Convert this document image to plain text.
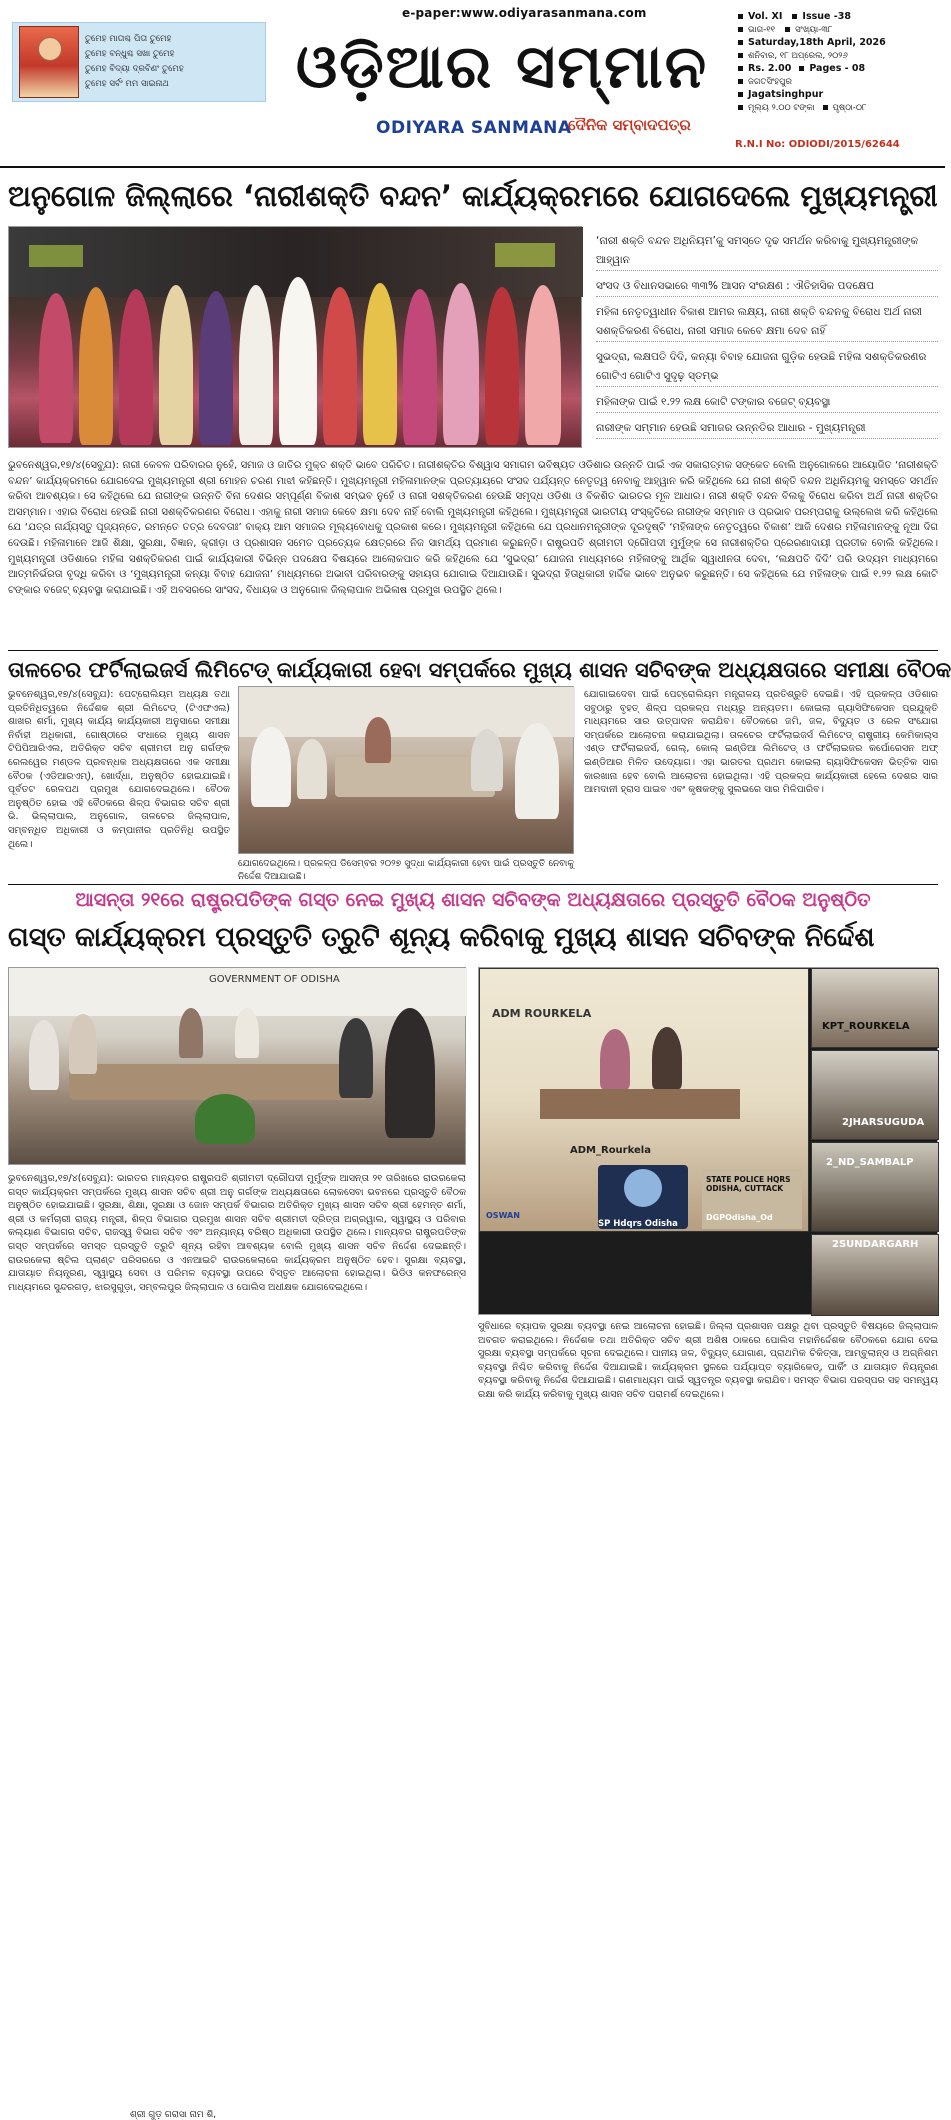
ତୁମେହ ମାତାଶ୍ଚ ପିତା ତୁମେହ
ତୁମେହ ବନ୍ଧୁଶ୍ଚ ସଖା ତୁମେହ
ତୁମେହ ବିଦ୍ୟା ଦ୍ରବିଣଂ ତୁମେହ
ତୁମେହ ସର୍ବଂ ମମ ସାଇନାଥ
e-paper:www.odiyarasanmana.com
ଓଡ଼ିଆର ସମ୍ମାନ
ODIYARA SANMANA
ଦୈନିକ ସମ୍ବାଦପତ୍ର
Vol. XI Issue -38
ଭାଗ-୧୧ ସଂଖ୍ୟା-୩୮
Saturday,18th April, 2026
ଶନିବାର, ୧୮ ଅପ୍ରେଲ, ୨୦୨୬
Rs. 2.00 Pages - 08
ଜଗତସିଂହପୁର
Jagatsinghpur
ମୂଲ୍ୟ ୨.୦୦ ଟଙ୍କା ପୃଷ୍ଠା-୦୮
R.N.I No: ODIODI/2015/62644
ଅନୁଗୋଳ ଜିଲ୍ଲାରେ ‘ନାରୀଶକ୍ତି ବନ୍ଦନ’ କାର୍ଯ୍ୟକ୍ରମରେ ଯୋଗଦେଲେ ମୁଖ୍ୟମନ୍ତ୍ରୀ

‘ନାରୀ ଶକ୍ତି ବନ୍ଦନ ଅଧିନିୟମ’କୁ ସମସ୍ତେ ଦୃଢ ସମର୍ଥନ କରିବାକୁ ମୁଖ୍ୟମନ୍ତ୍ରୀଙ୍କ ଆହ୍ୱାନ

ସଂସଦ ଓ ବିଧାନସଭାରେ ୩୩% ଆସନ ସଂରକ୍ଷଣ : ଐତିହାସିକ ପଦକ୍ଷେପ

ମହିଳା ନେତୃତ୍ୱାଧୀନ ବିକାଶ ଆମର ଲକ୍ଷ୍ୟ, ନାରୀ ଶକ୍ତି ବନ୍ଦନକୁ ବିରୋଧ ଅର୍ଥ ନାରୀ ସଶକ୍ତିକରଣ ବିରୋଧ, ନାରୀ ସମାଜ କେବେ କ୍ଷମା ଦେବ ନାହିଁ

ସୁଭଦ୍ରା, ଲକ୍ଷପତି ଦିଦି, କନ୍ୟା ବିବାହ ଯୋଜନା ଗୁଡ଼ିକ ହେଉଛି ମହିଳା ସଶକ୍ତିକରଣର ଗୋଟିଏ ଗୋଟିଏ ସୁଦୃଢ଼ ସ୍ତମ୍ଭ

ମହିଳାଙ୍କ ପାଇଁ ୧.୨୨ ଲକ୍ଷ କୋଟି ଟଙ୍କାର ବଜେଟ୍ ବ୍ୟବସ୍ଥା

ନାରୀଙ୍କ ସମ୍ମାନ ହେଉଛି ସମାଜର ଉନ୍ନତିର ଆଧାର - ମୁଖ୍ୟମନ୍ତ୍ରୀ

ଭୁବନେଶ୍ୱର,୧୭/୪(ସେବ୍ଯୁ): ନାରୀ କେବଳ ପରିବାରର ନୁହେଁ, ସମାଜ ଓ ଜାତିର ମୁକ୍ତ ଶକ୍ତି ଭାବେ ପରିଚିତ। ନାରୀଶକ୍ତିର ବିଶ୍ୱାସ ସମାଗମ ଭବିଷ୍ୟତ ଓଡିଶାର ଉନ୍ନତି ପାଇଁ ଏକ ସକାରାତ୍ମକ ସଙ୍କେତ ବୋଲି ଅନୁଗୋଳରେ ଆୟୋଜିତ ‘ନାରୀଶକ୍ତି ବନ୍ଦନ’ କାର୍ଯ୍ୟକ୍ରମରେ ଯୋଗଦେଇ ମୁଖ୍ୟମନ୍ତ୍ରୀ ଶ୍ରୀ ମୋହନ ଚରଣ ମାଝୀ କହିଛନ୍ତି। ମୁଖ୍ୟମନ୍ତ୍ରୀ ମହିଳାମାନଙ୍କ ପ୍ରତ୍ୟାୟରେ ସଂସଦ ପର୍ଯ୍ୟନ୍ତ ନେତୃତ୍ୱ ନେବାକୁ ଆହ୍ୱାନ କରି କହିଥିଲେ ଯେ ନାରୀ ଶକ୍ତି ବନ୍ଦନ ଅଧିନିୟମକୁ ସମସ୍ତେ ସମର୍ଥନ କରିବା ଆବଶ୍ୟକ। ସେ କହିଥିଲେ ଯେ ନାରୀଙ୍କ ଉନ୍ନତି ବିନା ଦେଶର ସମ୍ପୂର୍ଣ୍ଣ ବିକାଶ ସମ୍ଭବ ନୁହେଁ ଓ ନାରୀ ସଶକ୍ତିକରଣ ହେଉଛି ସମୃଦ୍ଧ ଓଡିଶା ଓ ବିକଶିତ ଭାରତର ମୂଳ ଆଧାର। ନାରୀ ଶକ୍ତି ବନ୍ଦନ ବିଲକୁ ବିରୋଧ କରିବା ଅର୍ଥ ନାରୀ ଶକ୍ତିର ଅସମ୍ମାନ। ଏହାର ବିରୋଧ ହେଉଛି ନାରୀ ସଶକ୍ତିକରଣର ବିରୋଧ। ଏହାକୁ ନାରୀ ସମାଜ କେବେ କ୍ଷମା ଦେବ ନାହିଁ ବୋଲି ମୁଖ୍ୟମନ୍ତ୍ରୀ କହିଥିଲେ। ମୁଖ୍ୟମନ୍ତ୍ରୀ ଭାରତୀୟ ସଂସ୍କୃତିରେ ନାରୀଙ୍କ ସମ୍ମାନ ଓ ପ୍ରଭାବ ପରମ୍ପରାକୁ ଉଲ୍ଲେଖ କରି କହିଥିଲେ ଯେ ‘ଯତ୍ର ନାର୍ଯ୍ୟସ୍ତୁ ପୂଜ୍ୟନ୍ତେ, ରମନ୍ତେ ତତ୍ର ଦେବତାଃ’ ବାକ୍ୟ ଆମ ସମାଜର ମୂଲ୍ୟବୋଧକୁ ପ୍ରକାଶ କରେ। ମୁଖ୍ୟମନ୍ତ୍ରୀ କହିଥିଲେ ଯେ ପ୍ରଧାନମନ୍ତ୍ରୀଙ୍କ ଦୂରଦୃଷ୍ଟି ‘ମହିଳାଙ୍କ ନେତୃତ୍ୱରେ ବିକାଶ’ ଆଜି ଦେଶର ମହିଳାମାନଙ୍କୁ ନୂଆ ଦିଗ ଦେଉଛି। ମହିଳାମାନେ ଆଜି ଶିକ୍ଷା, ସୁରକ୍ଷା, ବିଜ୍ଞାନ, କ୍ରୀଡ଼ା ଓ ପ୍ରଶାସନ ସମେତ ପ୍ରତ୍ୟେକ କ୍ଷେତ୍ରରେ ନିଜ ସାମର୍ଥ୍ୟ ପ୍ରମାଣ କରୁଛନ୍ତି। ରାଷ୍ଟ୍ରପତି ଶ୍ରୀମତୀ ଦ୍ରୌପଦୀ ମୁର୍ମୁଙ୍କ ସେ ନାରୀଶକ୍ତିର ପ୍ରେରଣାଦାୟୀ ପ୍ରତୀକ ବୋଲି କହିଥିଲେ। ମୁଖ୍ୟମନ୍ତ୍ରୀ ଓଡିଶାରେ ମହିଳା ସଶକ୍ତିକରଣ ପାଇଁ କାର୍ଯ୍ୟକାରୀ ବିଭିନ୍ନ ପଦକ୍ଷେପ ବିଷୟରେ ଆଲୋକପାତ କରି କହିଥିଲେ ଯେ ‘ସୁଭଦ୍ରା’ ଯୋଜନା ମାଧ୍ୟମରେ ମହିଳାଙ୍କୁ ଆର୍ଥିକ ସ୍ୱାଧୀନତା ଦେବା, ‘ଲକ୍ଷପତି ଦିଦି’ ପରି ଉଦ୍ୟମ ମାଧ୍ୟମରେ ଆତ୍ମନିର୍ଭରତା ବୃଦ୍ଧି କରିବା ଓ ‘ମୁଖ୍ୟମନ୍ତ୍ରୀ କନ୍ୟା ବିବାହ ଯୋଜନା’ ମାଧ୍ୟମରେ ଅଭାବୀ ପରିବାରଙ୍କୁ ସହାୟତା ଯୋଗାଇ ଦିଆଯାଉଛି। ସୁଭଦ୍ରା ହିତାଧିକାରୀ ହାର୍ଦ୍ଦିକ ଭାବେ ଅନୁଭବ କରୁଛନ୍ତି। ସେ କହିଥିଲେ ଯେ ମହିଳାଙ୍କ ପାଇଁ ୧.୨୨ ଲକ୍ଷ କୋଟି ଟଙ୍କାର ବଜେଟ୍ ବ୍ୟବସ୍ଥା କରାଯାଇଛି। ଏହି ଅବସରରେ ସାଂସଦ, ବିଧାୟକ ଓ ଅନୁଗୋଳ ଜିଲ୍ଲାପାଳ ଅଭିଳାଷ ପ୍ରମୁଖ ଉପସ୍ଥିତ ଥିଲେ।
ତାଳଚେର ଫର୍ଟିଲାଇଜର୍ସ ଲିମିଟେଡ୍ କାର୍ଯ୍ୟକାରୀ ହେବା ସମ୍ପର୍କରେ ମୁଖ୍ୟ ଶାସନ ସଚିବଙ୍କ ଅଧ୍ୟକ୍ଷତାରେ ସମୀକ୍ଷା ବୈଠକ
ଭୁବନେଶ୍ୱର,୧୭/୪(ସେବ୍ଯୁ): ପେଟ୍ରୋଲିୟମ ଅଧ୍ୟକ୍ଷ ତଥା ପ୍ରତିନିଧିତ୍ୱରେ ନିର୍ଦ୍ଦେଶକ ଶ୍ରୀ ଲିମିଟେଡ୍ (ଟିଏଫଏଲ) ଶାଖର ଶର୍ମା, ମୁଖ୍ୟ କାର୍ଯ୍ୟ କାର୍ଯ୍ୟକାରୀ ଅନୁସାରେ ସମୀକ୍ଷା ନିର୍ବାହୀ ଅଧିକାରୀ, ଗୋଷ୍ଠୀରେ ସଂଧାରେ ମୁଖ୍ୟ ଶାସନ ଟିପିପିଆରିଏଲ, ଅତିରିକ୍ତ ସଚିବ ଶ୍ରୀମତୀ ଅନୁ ଗର୍ଗଙ୍କ ରେଲୱେର ମଣ୍ଡଳ ପ୍ରବନ୍ଧକ ଅଧ୍ୟକ୍ଷତାରେ ଏକ ସମୀକ୍ଷା ବୈଠକ (ଏଡିଆରଏମ୍), ଖୋର୍ଦ୍ଧା, ଅନୁଷ୍ଠିତ ହୋଇଯାଇଛି। ପୂର୍ବତଟ ରେଳପଥ ପ୍ରମୁଖ ଯୋଗଦେଇଥିଲେ। ବୈଠକ ଅନୁଷ୍ଠିତ ହୋଇ ଏହି ବୈଠକରେ ଶିଳ୍ପ ବିଭାଗର ସଚିବ ଶ୍ରୀ ଭି. ଭିଲ୍ଲାପାଲ, ଅନୁଗୋଳ, ତାଳଚେର ଜିଲ୍ଲାପାଳ, ସମ୍ବନ୍ଧିତ ଅଧିକାରୀ ଓ କମ୍ପାନୀର ପ୍ରତିନିଧି ଉପସ୍ଥିତ ଥିଲେ।
ଯୋଗଦେଇଥିଲେ। ପ୍ରକଳ୍ପ ଡିସେମ୍ବର ୨୦୨୭ ସୁଦ୍ଧା କାର୍ଯ୍ୟକାରୀ ହେବା ପାଇଁ ପ୍ରସ୍ତୁତି ନେବାକୁ ନିର୍ଦ୍ଦେଶ ଦିଆଯାଇଛି।
ଯୋଗାଇଦେବା ପାଇଁ ପେଟ୍ରୋଲିୟମ ମନ୍ତ୍ରାଳୟ ପ୍ରତିଶ୍ରୁତି ଦେଇଛି। ଏହି ପ୍ରକଳ୍ପ ଓଡିଶାର ସବୁଠାରୁ ବୃହତ୍ ଶିଳ୍ପ ପ୍ରକଳ୍ପ ମଧ୍ୟରୁ ଅନ୍ୟତମ। କୋଇଲା ଗ୍ୟାସିଫିକେସନ ପ୍ରଯୁକ୍ତି ମାଧ୍ୟମରେ ସାର ଉତ୍ପାଦନ କରାଯିବ। ବୈଠକରେ ଜମି, ଜଳ, ବିଦ୍ୟୁତ ଓ ରେଳ ସଂଯୋଗ ସମ୍ପର୍କରେ ଆଲୋଚନା କରାଯାଇଥିଲା। ତାଳଚେର ଫର୍ଟିଲାଇଜର୍ସ ଲିମିଟେଡ୍ ରାଷ୍ଟ୍ରୀୟ କେମିକାଲ୍ସ ଏଣ୍ଡ ଫର୍ଟିଲାଇଜର୍ସ, ଗେଲ୍, କୋଲ୍ ଇଣ୍ଡିଆ ଲିମିଟେଡ୍ ଓ ଫର୍ଟିଲାଇଜର କର୍ପୋରେସନ ଅଫ୍ ଇଣ୍ଡିଆର ମିଳିତ ଉଦ୍ୟୋଗ। ଏହା ଭାରତର ପ୍ରଥମ କୋଇଲା ଗ୍ୟାସିଫିକେସନ ଭିତ୍ତିକ ସାର କାରଖାନା ହେବ ବୋଲି ଆଲୋଚନା ହୋଇଥିଲା। ଏହି ପ୍ରକଳ୍ପ କାର୍ଯ୍ୟକାରୀ ହେଲେ ଦେଶର ସାର ଆମଦାନୀ ହ୍ରାସ ପାଇବ ଏବଂ କୃଷକଙ୍କୁ ସୁଲଭରେ ସାର ମିଳିପାରିବ।
ଆସନ୍ତା ୨୧ରେ ରାଷ୍ଟ୍ରପତିଙ୍କ ଗସ୍ତ ନେଇ ମୁଖ୍ୟ ଶାସନ ସଚିବଙ୍କ ଅଧ୍ୟକ୍ଷତାରେ ପ୍ରସ୍ତୁତି ବୈଠକ ଅନୁଷ୍ଠିତ
ଗସ୍ତ କାର୍ଯ୍ୟକ୍ରମ ପ୍ରସ୍ତୁତି ତ୍ରୁଟି ଶୂନ୍ୟ କରିବାକୁ ମୁଖ୍ୟ ଶାସନ ସଚିବଙ୍କ ନିର୍ଦ୍ଦେଶ
GOVERNMENT OF ODISHA
ଶ୍ରୀ ଗୁଡ଼ ଗରାସା ନାମ ଶି,
ADM ROURKELA
ADM_Rourkela
OSWAN
SP Hdqrs Odisha
STATE POLICE HQRS ODISHA, CUTTACK
DGPOdisha_Od
KPT_ROURKELA
2JHARSUGUDA
2_ND_SAMBALP
2SUNDARGARH
ଭୁବନେଶ୍ୱର,୧୭/୪(ସେବ୍ଯୁ): ଭାରତର ମାନ୍ୟବର ରାଷ୍ଟ୍ରପତି ଶ୍ରୀମତୀ ଦ୍ରୌପଦୀ ମୁର୍ମୁଙ୍କ ଆସନ୍ତା ୨୧ ତାରିଖରେ ରାଉରକେଲା ଗସ୍ତ କାର୍ଯ୍ୟକ୍ରମ ସମ୍ପର୍କରେ ମୁଖ୍ୟ ଶାସନ ସଚିବ ଶ୍ରୀ ଅନୁ ଗର୍ଗଙ୍କ ଅଧ୍ୟକ୍ଷତାରେ ଲୋକସେବା ଭବନରେ ପ୍ରସ୍ତୁତି ବୈଠକ ଅନୁଷ୍ଠିତ ହୋଇଯାଇଛି। ସୁରକ୍ଷା, ଶିକ୍ଷା, ସୁରକ୍ଷା ଓ ଜୋନ ସମ୍ପର୍କ ବିଭାଗର ଅତିରିକ୍ତ ମୁଖ୍ୟ ଶାସନ ସଚିବ ଶ୍ରୀ ହେମନ୍ତ ଶର୍ମା, ଶ୍ରୀ ଓ କର୍ମଚାରୀ ରାଜ୍ୟ ମନ୍ତ୍ରୀ, ଶିଳ୍ପ ବିଭାଗର ପ୍ରମୁଖ ଶାସନ ସଚିବ ଶ୍ରୀମତୀ ଦ୍ରିତ୍ତା ଅଗ୍ରୱାଲ, ସ୍ୱାସ୍ଥ୍ୟ ଓ ପରିବାର କଲ୍ୟାଣ ବିଭାଗର ସଚିବ, ରାଜସ୍ୱ ବିଭାଗ ସଚିବ ଏବଂ ଅନ୍ୟାନ୍ୟ ବରିଷ୍ଠ ଅଧିକାରୀ ଉପସ୍ଥିତ ଥିଲେ। ମାନ୍ୟବର ରାଷ୍ଟ୍ରପତିଙ୍କ ଗସ୍ତ ସମ୍ପର୍କରେ ସମସ୍ତ ପ୍ରସ୍ତୁତି ତ୍ରୁଟି ଶୂନ୍ୟ ରହିବା ଆବଶ୍ୟକ ବୋଲି ମୁଖ୍ୟ ଶାସନ ସଚିବ ନିର୍ଦ୍ଦେଶ ଦେଇଛନ୍ତି। ରାଉରକେଲା ଷ୍ଟିଲ ପ୍ଲାଣ୍ଟ ପରିସରରେ ଓ ଏନଆଇଟି ରାଉରକେଲାରେ କାର୍ଯ୍ୟକ୍ରମ ଅନୁଷ୍ଠିତ ହେବ। ସୁରକ୍ଷା ବ୍ୟବସ୍ଥା, ଯାତାୟାତ ନିୟନ୍ତ୍ରଣ, ସ୍ୱାସ୍ଥ୍ୟ ସେବା ଓ ପରିମଳ ବ୍ୟବସ୍ଥା ଉପରେ ବିସ୍ତୃତ ଆଲୋଚନା ହୋଇଥିଲା। ଭିଡିଓ କନଫରେନ୍ସ ମାଧ୍ୟମରେ ସୁନ୍ଦରଗଡ଼, ଝାରସୁଗୁଡ଼ା, ସମ୍ବଲପୁର ଜିଲ୍ଲାପାଳ ଓ ପୋଲିସ ଅଧୀକ୍ଷକ ଯୋଗଦେଇଥିଲେ।
ସୁବିଧାରେ ବ୍ୟାପକ ସୁରକ୍ଷା ବ୍ୟବସ୍ଥା ନେଇ ଆଲୋଚନା ହୋଇଛି। ଜିଲ୍ଲା ପ୍ରଶାସନ ପକ୍ଷରୁ ଥିବା ପ୍ରସ୍ତୁତି ବିଷୟରେ ଜିଲ୍ଲାପାଳ ଅବଗତ କରାଇଥିଲେ। ନିର୍ଦ୍ଦେଶକ ତଥା ଅତିରିକ୍ତ ସଚିବ ଶ୍ରୀ ଅଶିଷ ଠାକରେ ପୋଲିସ ମହାନିର୍ଦ୍ଦେଶକ ବୈଠକରେ ଯୋଗ ଦେଇ ସୁରକ୍ଷା ବ୍ୟବସ୍ଥା ସମ୍ପର୍କରେ ସୂଚନା ଦେଇଥିଲେ। ପାନୀୟ ଜଳ, ବିଦ୍ୟୁତ୍ ଯୋଗାଣ, ପ୍ରାଥମିକ ଚିକିତ୍ସା, ଆମ୍ବୁଲାନ୍ସ ଓ ଅଗ୍ନିଶମ ବ୍ୟବସ୍ଥା ନିଶ୍ଚିତ କରିବାକୁ ନିର୍ଦ୍ଦେଶ ଦିଆଯାଇଛି। କାର୍ଯ୍ୟକ୍ରମ ସ୍ଥଳରେ ପର୍ଯ୍ୟାପ୍ତ ବ୍ୟାରିକେଡ୍, ପାର୍କିଂ ଓ ଯାତାୟାତ ନିୟନ୍ତ୍ରଣ ବ୍ୟବସ୍ଥା କରିବାକୁ ନିର୍ଦ୍ଦେଶ ଦିଆଯାଇଛି। ଗଣମାଧ୍ୟମ ପାଇଁ ସ୍ୱତନ୍ତ୍ର ବ୍ୟବସ୍ଥା କରାଯିବ। ସମସ୍ତ ବିଭାଗ ପରସ୍ପର ସହ ସମନ୍ୱୟ ରକ୍ଷା କରି କାର୍ଯ୍ୟ କରିବାକୁ ମୁଖ୍ୟ ଶାସନ ସଚିବ ପରାମର୍ଶ ଦେଇଥିଲେ।
